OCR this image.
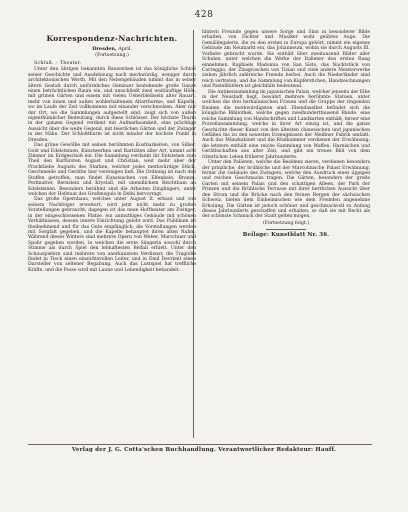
428
Korrespondenz-Nachrichten.
Dresden, April.
(Fortsetzung.)
Schluß. – Theater.

Unter den übrigen bekannten Bauwerken ist das königliche Schloß seiner Geschichte und Ausdehnung nach merkwürdig, weniger durch architektonischen Werth. Mit den Nebengebäuden nimmt das in seiner ältern Gestalt durch unförmliches Gemäuer bestehende große Ganze einen beträchtlichen Raum ein, und umschließt zwei weitläuftige Höfe, mit grünen Gärten und einem mit vielen Ueberbleibseln alter Bauart, mehr von innen und außen wohlerhaltenem Altarthurme, und Kapelle, wo im Laufe der Zeit vollkommen mit einander verschmolzen. Aber nur der Ort, wo die Sammlungen aufgestellt sind, zeigt sich von außen eigenthümlicher Bedeutung, durch diese Schlösser. Der höchste Thurm in der ganzen Gegend verdient mit Aufmerksamkeit, eine prächtige Aussicht über die weite Gegend, mit feierlichen Gärten und der Zwinger in der Nähe. Der Schloßthurm ist nicht minder der höchste Punkt in Dresden.

Das grüne Gewölbe mit seinen berühmten Kostbarkeiten, von Silber, Gold und Edelsteinen, Kunstwerken und Raritäten aller Art, nimmt acht Zimmer im Erdgeschoß ein. Die Sammlung verdankt ihr Entstehen zum Theil den Kurfürsten August und Christian, weit mehr aber der Prachtliebe Augusts des Starken, welcher jedes merkwürdige Stück, Geschmeide und Geräthe hier vereinigen ließ. Die Ordnung ist nach den Stoffen getroffen; man findet Kunstsachen von Elfenbein, Bronze, Perlmutter, Bernstein und Krystall, mit unendlichem Reichthum an Edelsteinen. Besonders berühmt sind die Arbeiten Dinglingers, unter welchen der Hofstaat des Großmoguls in Delhi hervorragt.

Das große Opernhaus, welches unter August II. erbaut und von seinem Nachfolger erweitert, wird jetzt nicht mehr zu großen Vorstellungen gebraucht; dagegen ist das neue Hoftheater am Zwinger, in der eingeschlossenen Platze, ein anmuthiges Gebäude mit schönen Verhältnissen, dessen innere Einrichtung gelobt wird. Das Publikum ist theilnehmend und für das Gute empfänglich; die Vorstellungen werden mit Sorgfalt gegeben, und die Kapelle behauptet ihren alten Ruhm. Während dieses Winters sind mehrere Opern von Weber, Marschner und Spohr gegeben worden, in welchen die erste Sängerin sowohl durch Stimme als durch Spiel den lebhaftesten Beifall erhielt. Unter den Schauspielern sind mehrere von anerkanntem Verdienst; die Tragödie findet in Tieck einen einsichtsvollen Leiter, und in Emil Devrient einen Darsteller von seltener Begabung. Auch das Lustspiel hat treffliche Kräfte, und die Posse wird mit Laune und Lebendigkeit behandelt.

hintern Freunde gegen unsere Sorge und Sinn in besonderer Bilde erhalten, von Dichter und Musiker wohl geübtes Auge. Die Gemäldegalerie, die zu den ersten in Europa gehört, nimmt ein eigenes Gebäude am Neumarkt ein, das Johanneum, wohin sie durch Augusts III. Vorliebe gebracht wurde. Sie enthält über zweitausend Bilder aller Schulen, unter welchen die Werke der Italiener den ersten Rang einnehmen. Raphaels Madonna von San Sisto, das Nachtstück von Correggio, der Zinsgroschen von Tizian und viele andere Meisterwerke ziehen jährlich zahlreiche Fremde herbei. Auch die Niederländer sind reich vertreten, und die Sammlung von Kupferstichen, Handzeichnungen und Pastellbildern ist gleichfalls bedeutend.

Die Antikensammlung im japanischen Palais, welcher jenseits der Elbe in der Neustadt liegt, bewahrt mehrere berühmte Statuen, unter welchen die drei herkulanischen Frauen und die Gruppe der ringenden Knaben die merkwürdigsten sind. Ebendaselbst befindet sich die königliche Bibliothek, welche gegen zweihunderttausend Bände, eine reiche Sammlung von Handschriften und Landkarten enthält; ferner eine Porzellansammlung, welche in ihrer Art einzig ist, und die ganze Geschichte dieser Kunst von den ältesten chinesischen und japanischen Gefäßen bis zu den neuesten Erzeugnissen der Meißner Fabrik umfaßt. Auch das Münzkabinet und die Rüstkammer verdienen der Erwähnung; die letztere enthält eine reiche Sammlung von Waffen, Harnischen und Geräthschaften aus alter Zeit, und gibt ein treues Bild von dem ritterlichen Leben früherer Jahrhunderte.

Unter den Palästen, welche die Residenz zieren, verdienen besonders der prinzliche, der brühlsche und der Marcolinische Palast Erwähnung, ferner die Gebäude des Zwingers, welche den Ausdruck eines üppigen und reichen Geschmacks tragen. Die Gärten, besonders der große Garten mit seinem Palais und den schattigen Alleen, der Park der Prinzen und die Brühlsche Terrasse mit ihrer herrlichen Aussicht über den Strom und die Brücke nach den fernen Bergen der sächsischen Schweiz, bieten dem Einheimischen wie dem Fremden angenehme Erholung. Die Gärten ist jedoch schöner und geschmackvoll zu Anfang dieses Jahrhunderts geschaffen und erhalten, so daß sie mit Recht als der schönste Schmuck der Stadt gelten mögen.

(Fortsetzung folgt.)
Beilage: Kunstblatt Nr. 36.
Verlag der J. G. Cotta'schen Buchhandlung. Verantwortlicher Redakteur: Hauff.
